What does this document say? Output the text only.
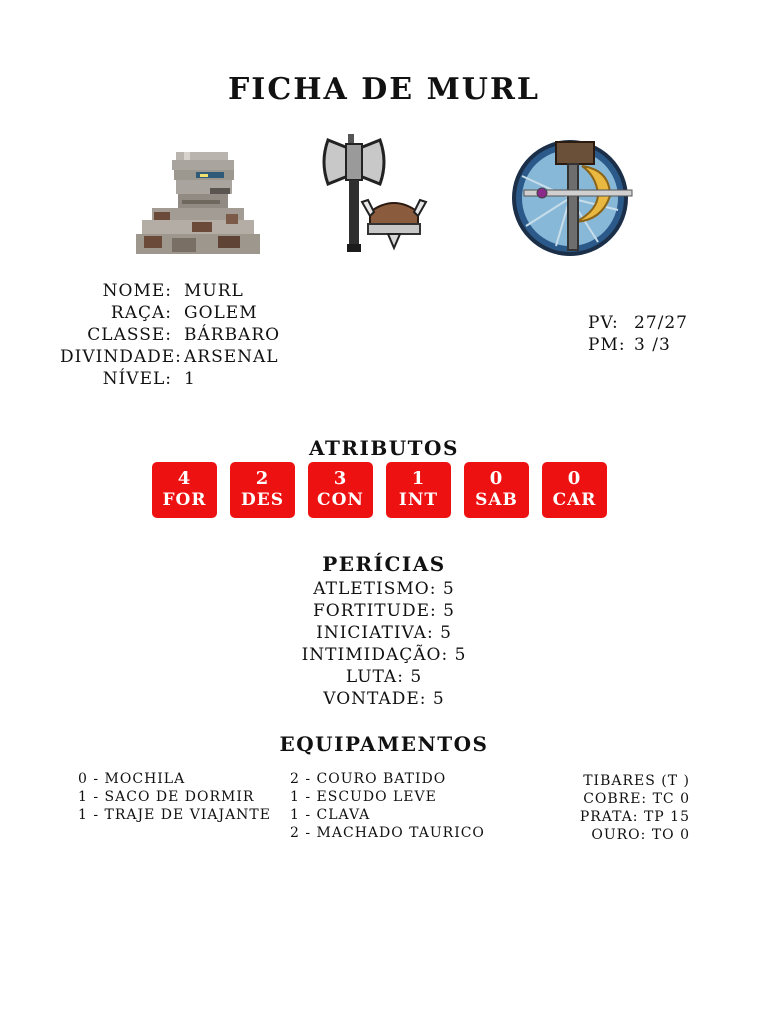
FICHA DE MURL
NOME: MURL
RAÇA: GOLEM
CLASSE: BÁRBARO
DIVINDADE: ARSENAL
NÍVEL: 1
PV: 27/27
PM: 3 /3
ATRIBUTOS
4
FOR
2
DES
3
CON
1
INT
0
SAB
0
CAR
PERÍCIAS
ATLETISMO: 5
FORTITUDE: 5
INICIATIVA: 5
INTIMIDAÇÃO: 5
LUTA: 5
VONTADE: 5
EQUIPAMENTOS
0 - MOCHILA
1 - SACO DE DORMIR
1 - TRAJE DE VIAJANTE
2 - COURO BATIDO
1 - ESCUDO LEVE
1 - CLAVA
2 - MACHADO TAURICO
TIBARES (T )
COBRE: TC 0
PRATA: TP 15
OURO: TO 0
